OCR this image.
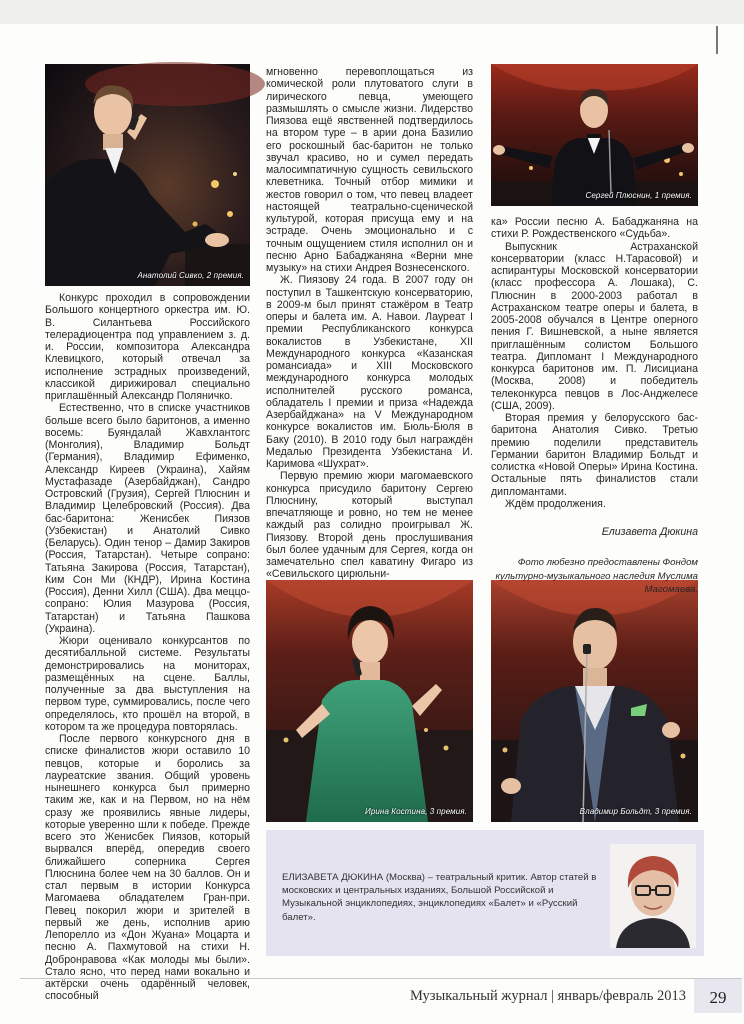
Анатолий Сивко, 2 премия.
Сергей Плюснин, 1 премия.
Ирина Костина, 3 премия.	Владимир Больдт, 3 премия.

Конкурс проходил в сопровождении Большого концертного оркестра им. Ю. В. Силантьева Российского телерадиоцентра под управлением з. д. и. России, композитора Александра Клевицкого, который отвечал за исполнение эстрадных произведений, классикой дирижировал специально приглашённый Александр Поляничко.

Естественно, что в списке участников больше всего было баритонов, а именно восемь: Буяндалай Жавхлантогс (Монголия), Владимир Больдт (Германия), Владимир Ефименко, Александр Киреев (Украина), Хайям Мустафазаде (Азербайджан), Сандро Островский (Грузия), Сергей Плюснин и Владимир Целебровский (Россия). Два бас-баритона: Женисбек Пиязов (Узбекистан) и Анатолий Сивко (Беларусь). Один тенор – Дамир Закиров (Россия, Татарстан). Четыре сопрано: Татьяна Закирова (Россия, Татарстан), Ким Сон Ми (КНДР), Ирина Костина (Россия), Денни Хилл (США). Два меццо-сопрано: Юлия Мазурова (Россия, Татарстан) и Татьяна Пашкова (Украина).

Жюри оценивало конкурсантов по десятибалльной системе. Результаты демонстрировались на мониторах, размещённых на сцене. Баллы, полученные за два выступления на первом туре, суммировались, после чего определялось, кто прошёл на второй, в котором та же процедура повторялась.

После первого конкурсного дня в списке финалистов жюри оставило 10 певцов, которые и боролись за лауреатские звания. Общий уровень нынешнего конкурса был примерно таким же, как и на Первом, но на нём сразу же проявились явные лидеры, которые уверенно шли к победе. Прежде всего это Женисбек Пиязов, который вырвался вперёд, опередив своего ближайшего соперника Сергея Плюснина более чем на 30 баллов. Он и стал первым в истории Конкурса Магомаева обладателем Гран-при. Певец покорил жюри и зрителей в первый же день, исполнив арию Лепорелло из «Дон Жуана» Моцарта и песню А. Пахмутовой на стихи Н. Добронравова «Как молоды мы были». Стало ясно, что перед нами вокально и актёрски очень одарённый человек, способный

мгновенно перевоплощаться из комической роли плутоватого слуги в лирического певца, умеющего размышлять о смысле жизни. Лидерство Пиязова ещё явственней подтвердилось на втором туре – в арии дона Базилио его роскошный бас-баритон не только звучал красиво, но и сумел передать малосимпатичную сущность севильского клеветника. Точный отбор мимики и жестов говорил о том, что певец владеет настоящей театрально-сценической культурой, которая присуща ему и на эстраде. Очень эмоционально и с точным ощущением стиля исполнил он и песню Арно Бабаджаняна «Верни мне музыку» на стихи Андрея Вознесенского.

Ж. Пиязову 24 года. В 2007 году он поступил в Ташкентскую консерваторию, в 2009-м был принят стажёром в Театр оперы и балета им. А. Навои. Лауреат I премии Республиканского конкурса вокалистов в Узбекистане, XII Международного конкурса «Казанская романсиада» и XIII Московского международного конкурса молодых исполнителей русского романса, обладатель I премии и приза «Надежда Азербайджана» на V Международном конкурсе вокалистов им. Бюль-Бюля в Баку (2010). В 2010 году был награждён Медалью Президента Узбекистана И. Каримова «Шухрат».

Первую премию жюри магомаевского конкурса присудило баритону Сергею Плюснину, который выступал впечатляюще и ровно, но тем не менее каждый раз солидно проигрывал Ж. Пиязову. Второй день прослушивания был более удачным для Сергея, когда он замечательно спел каватину Фигаро из «Севильского цирюльни-

ка» России песню А. Бабаджаняна на стихи Р. Рождественского «Судьба».

Выпускник Астраханской консерватории (класс Н.Тарасовой) и аспирантуры Московской консерватории (класс профессора А. Лошака), С. Плюснин в 2000-2003 работал в Астраханском театре оперы и балета, в 2005-2008 обучался в Центре оперного пения Г. Вишневской, а ныне является приглашённым солистом Большого театра. Дипломант I Международного конкурса баритонов им. П. Лисициана (Москва, 2008) и победитель телеконкурса певцов в Лос-Анджелесе (США, 2009).

Вторая премия у белорусского бас-баритона Анатолия Сивко. Третью премию поделили представитель Германии баритон Владимир Больдт и солистка «Новой Оперы» Ирина Костина. Остальные пять финалистов стали дипломантами.

Ждём продолжения.

Елизавета Дюкина

Фото любезно предоставлены Фондом культурно-музыкального наследия Муслима Магомаева.

ЕЛИЗАВЕТА ДЮКИНА (Москва) – театральный критик. Автор статей в московских и центральных изданиях, Большой Российской и Музыкальной энциклопедиях, энциклопедиях «Балет» и «Русский балет».
Музыкальный журнал | январь/февраль 2013	29
